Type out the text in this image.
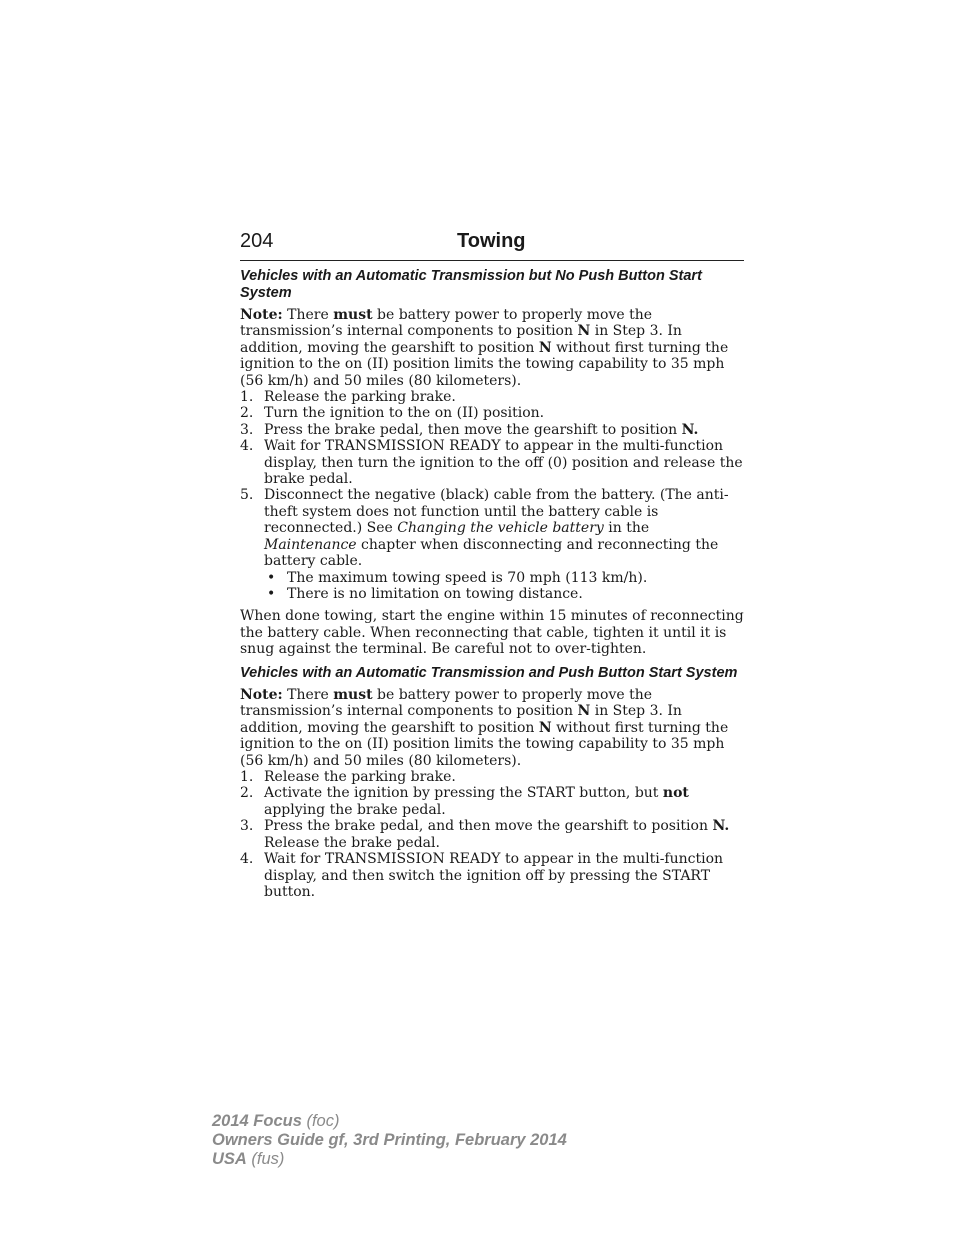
204	Towing
Vehicles with an Automatic Transmission but No Push Button Start System

Note: There must be battery power to properly move the transmission’s internal components to position N in Step 3. In addition, moving the gearshift to position N without first turning the ignition to the on (II) position limits the towing capability to 35 mph (56 km/h) and 50 miles (80 kilometers).

1. Release the parking brake.
2. Turn the ignition to the on (II) position.
3. Press the brake pedal, then move the gearshift to position N.
4. Wait for TRANSMISSION READY to appear in the multi-function display, then turn the ignition to the off (0) position and release the brake pedal.
5. Disconnect the negative (black) cable from the battery. (The anti-theft system does not function until the battery cable is reconnected.) See Changing the vehicle battery in the Maintenance chapter when disconnecting and reconnecting the battery cable.
• The maximum towing speed is 70 mph (113 km/h).
• There is no limitation on towing distance.

When done towing, start the engine within 15 minutes of reconnecting the battery cable. When reconnecting that cable, tighten it until it is snug against the terminal. Be careful not to over-tighten.

Vehicles with an Automatic Transmission and Push Button Start System

Note: There must be battery power to properly move the transmission’s internal components to position N in Step 3. In addition, moving the gearshift to position N without first turning the ignition to the on (II) position limits the towing capability to 35 mph (56 km/h) and 50 miles (80 kilometers).

1. Release the parking brake.
2. Activate the ignition by pressing the START button, but not applying the brake pedal.
3. Press the brake pedal, and then move the gearshift to position N. Release the brake pedal.
4. Wait for TRANSMISSION READY to appear in the multi-function display, and then switch the ignition off by pressing the START button.
2014 Focus (foc)
Owners Guide gf, 3rd Printing, February 2014
USA (fus)
